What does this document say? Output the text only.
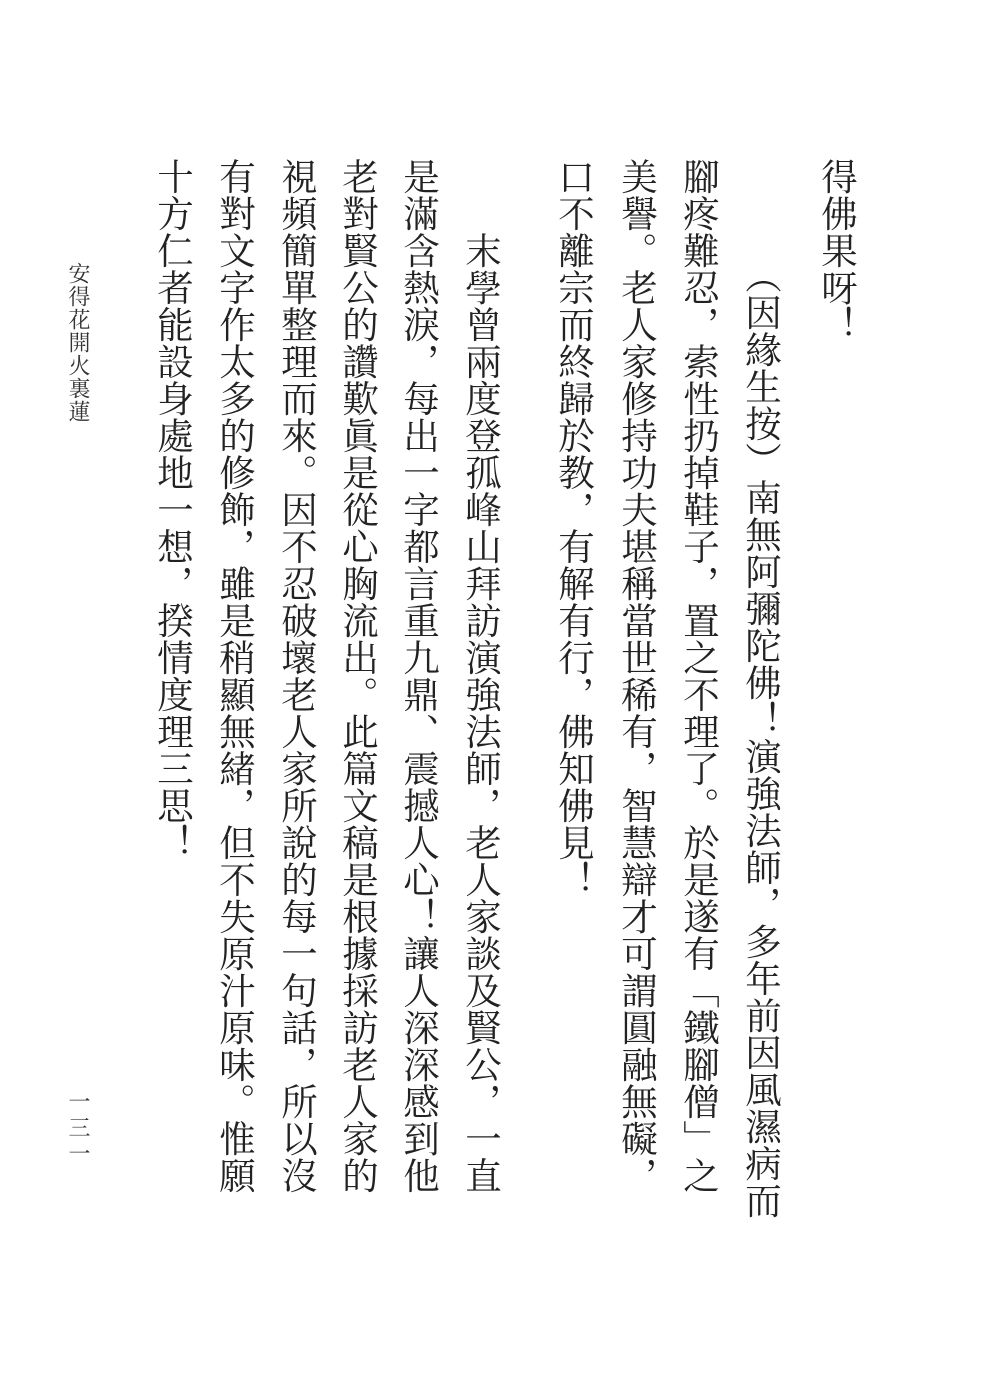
得佛果呀！
（因緣生按）南無阿彌陀佛！演強法師，多年前因風濕病而
腳疼難忍，索性扔掉鞋子，置之不理了。於是遂有「鐵腳僧」之
美譽。老人家修持功夫堪稱當世稀有，智慧辯才可謂圓融無礙，
口不離宗而終歸於教，有解有行，佛知佛見！
末學曾兩度登孤峰山拜訪演強法師，老人家談及賢公，一直
是滿含熱淚，每出一字都言重九鼎、震撼人心！讓人深深感到他
老對賢公的讚歎眞是從心胸流出。此篇文稿是根據採訪老人家的
視頻簡單整理而來。因不忍破壞老人家所說的每一句話，所以沒
有對文字作太多的修飾，雖是稍顯無緒，但不失原汁原味。惟願
十方仁者能設身處地一想，揆情度理三思！
安得花開火裏蓮
一三一
